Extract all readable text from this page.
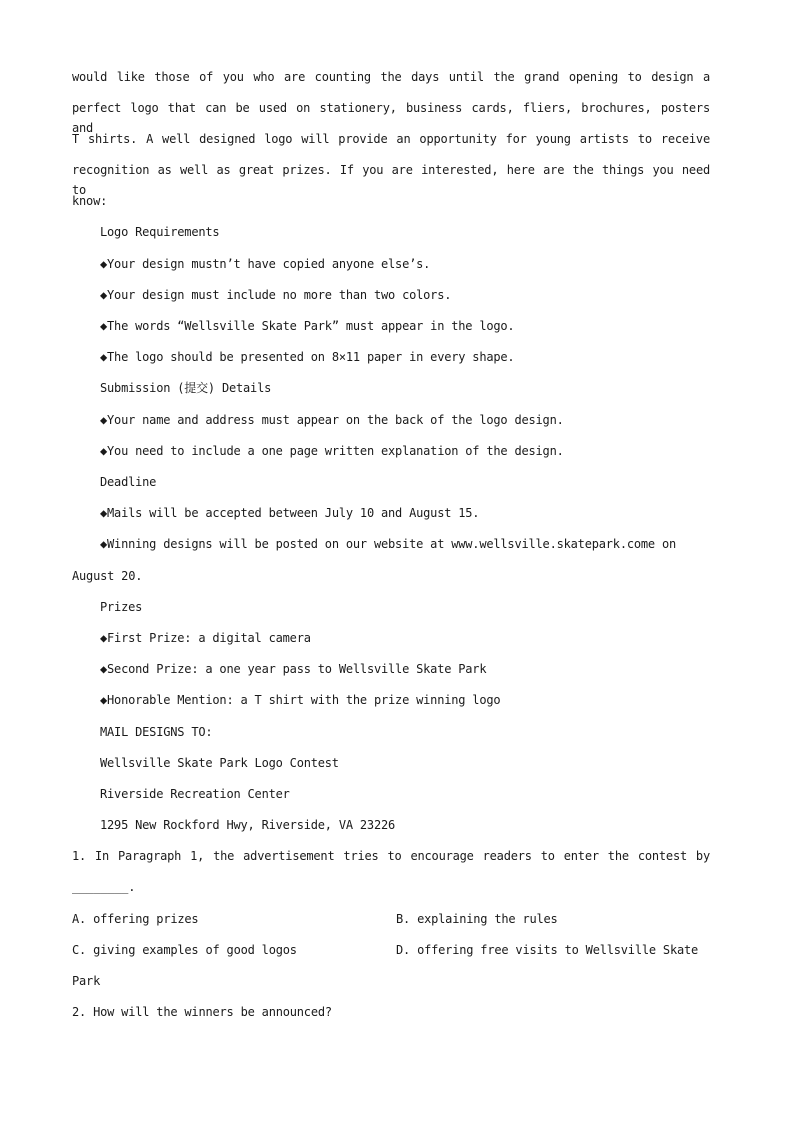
would like those of you who are counting the days until the grand opening to design a
perfect logo that can be used on stationery, business cards, fliers, brochures, posters and
T shirts. A well designed logo will provide an opportunity for young artists to receive
recognition as well as great prizes. If you are interested, here are the things you need to
know:
Logo Requirements
◆ Your design mustn’t have copied anyone else’s.
◆ Your design must include no more than two colors.
◆ The words “Wellsville Skate Park” must appear in the logo.
◆ The logo should be presented on 8×11 paper in every shape.
Submission (提交) Details
◆ Your name and address must appear on the back of the logo design.
◆ You need to include a one page written explanation of the design.
Deadline
◆ Mails will be accepted between July 10 and August 15.
◆ Winning designs will be posted on our website at www.wellsville.skatepark.come on
August 20.
Prizes
◆ First Prize: a digital camera
◆ Second Prize: a one year pass to Wellsville Skate Park
◆ Honorable Mention: a T shirt with the prize winning logo
MAIL DESIGNS TO:
Wellsville Skate Park Logo Contest
Riverside Recreation Center
1295 New Rockford Hwy, Riverside, VA 23226
1. In Paragraph 1, the advertisement tries to encourage readers to enter the contest by
________.
A. offering prizes	B. explaining the rules
C. giving examples of good logos	D. offering free visits to Wellsville Skate
Park
2. How will the winners be announced?
